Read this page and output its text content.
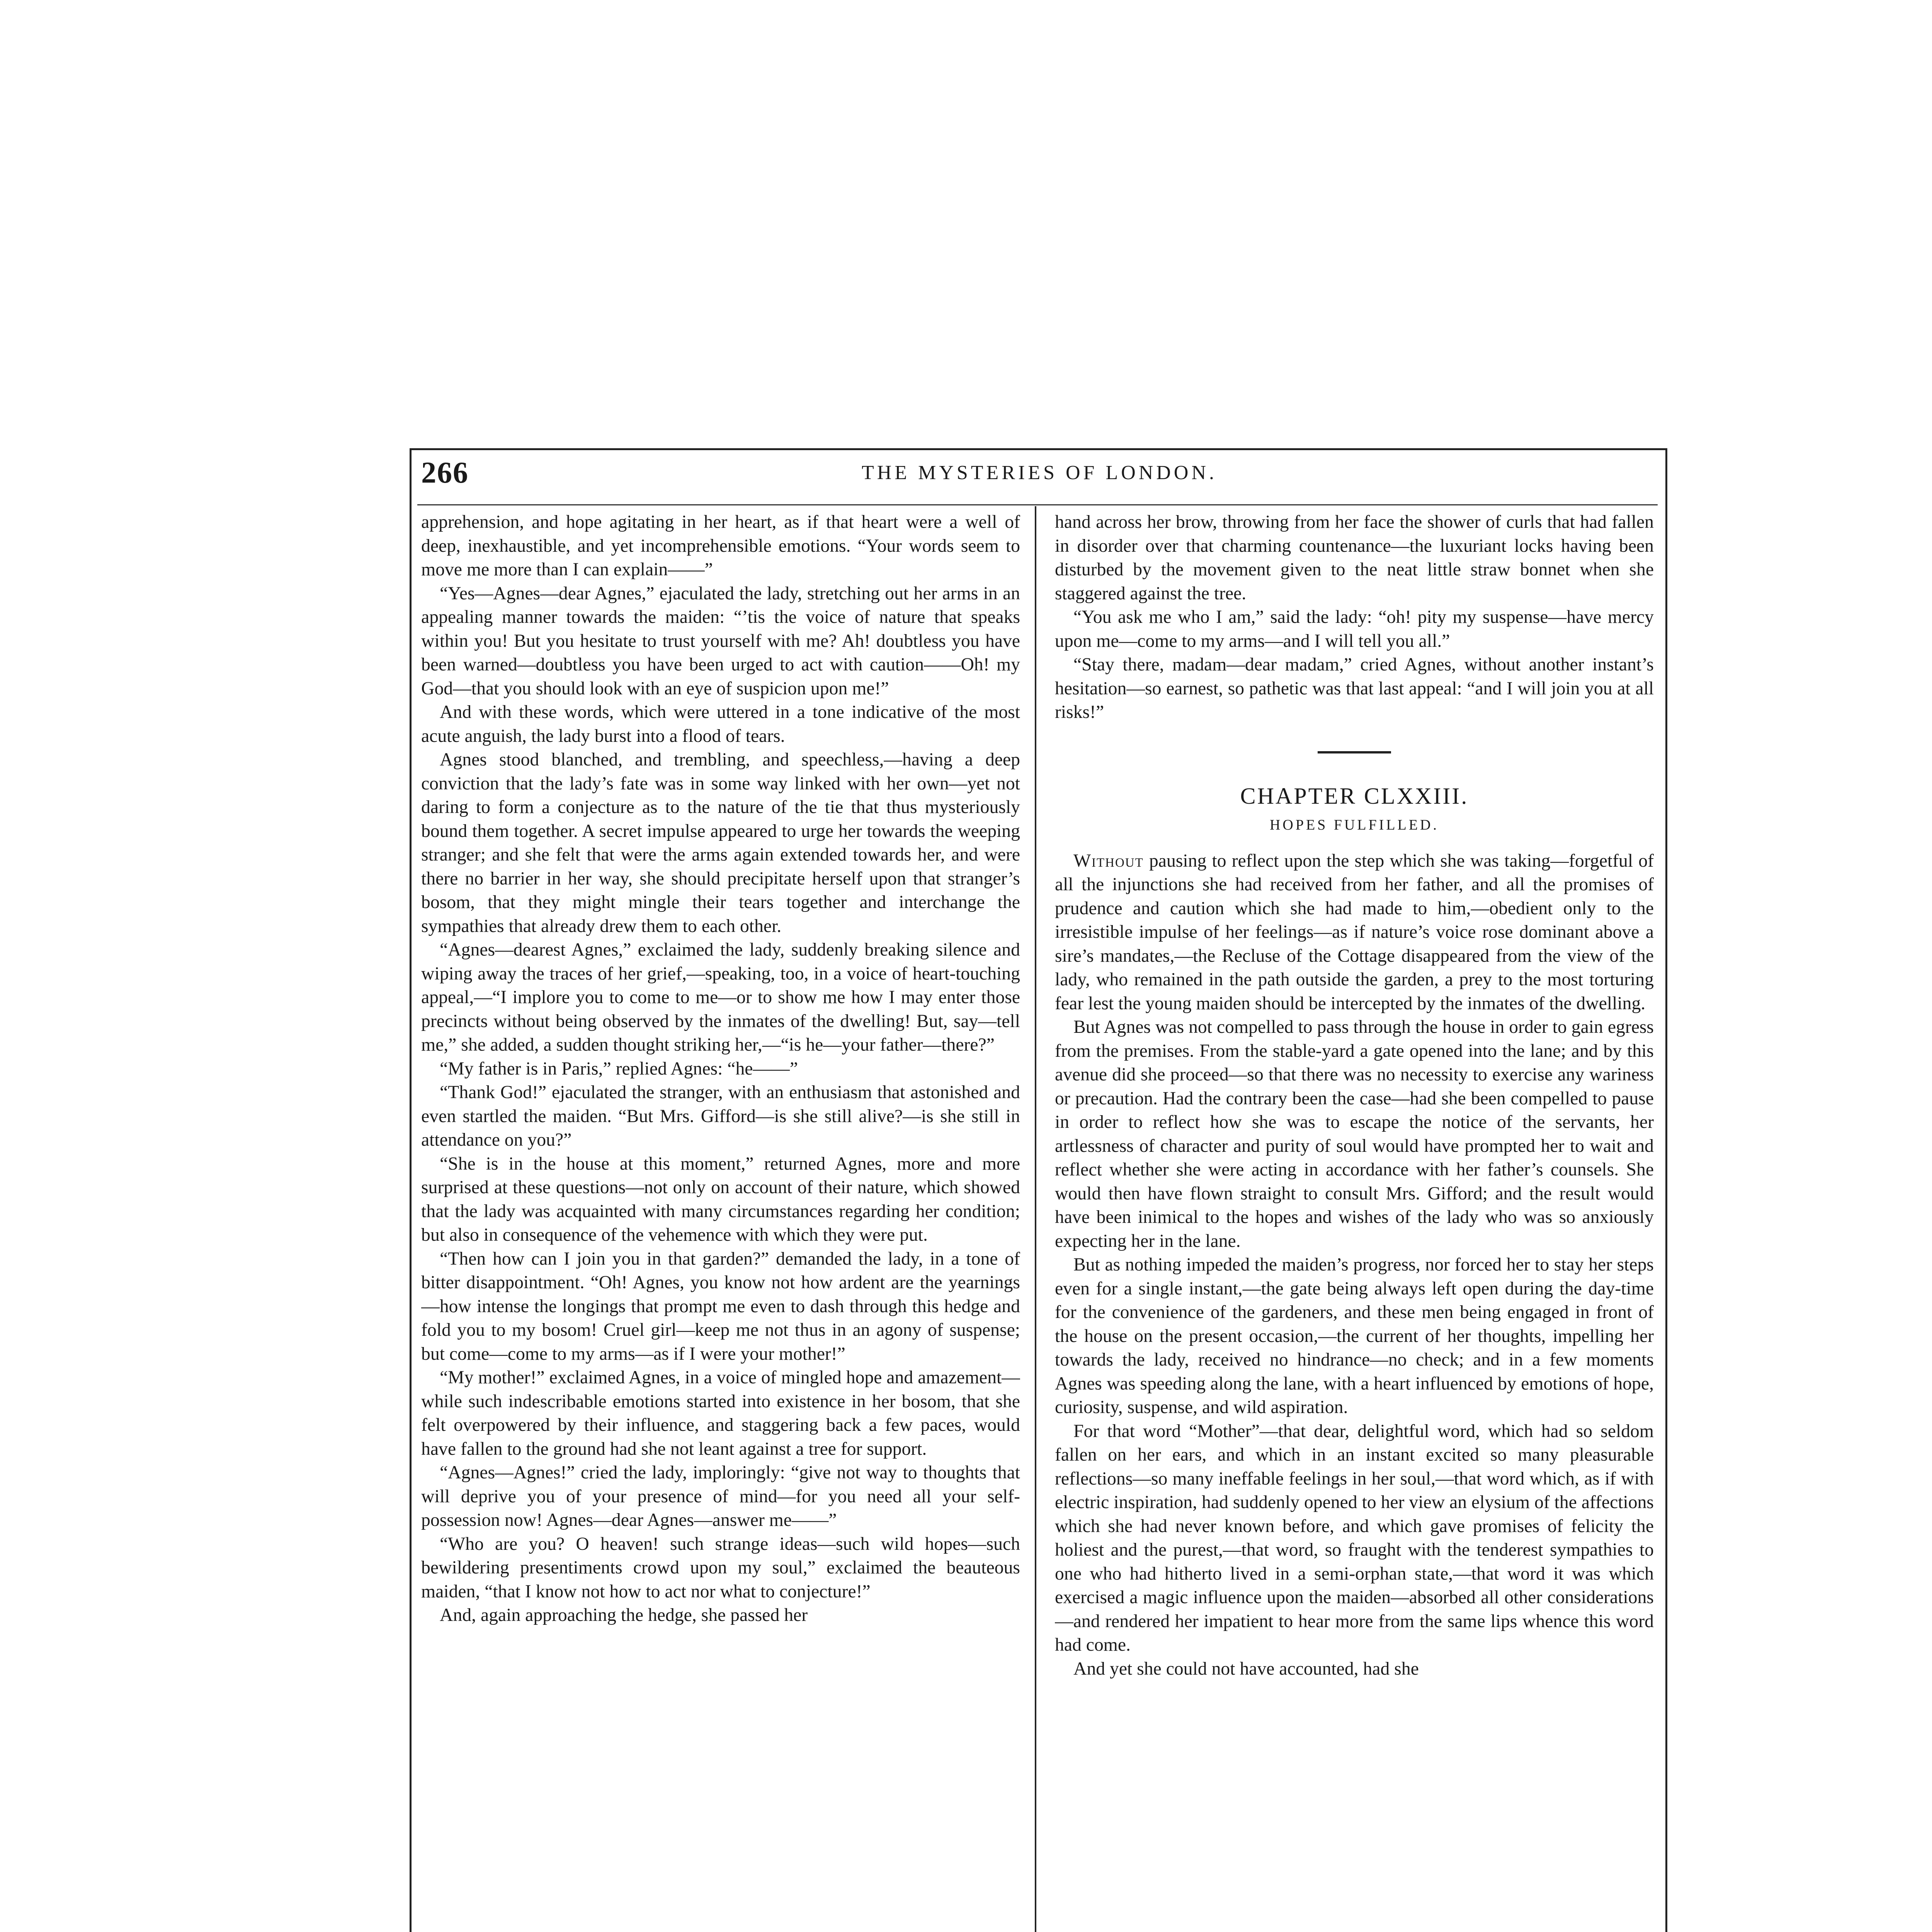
266	THE MYSTERIES OF LONDON.

apprehension, and hope agitating in her heart, as if that heart were a well of deep, inexhaustible, and yet incomprehensible emotions. “Your words seem to move me more than I can explain——”

“Yes—Agnes—dear Agnes,” ejaculated the lady, stretching out her arms in an appealing manner towards the maiden: “’tis the voice of nature that speaks within you! But you hesitate to trust yourself with me? Ah! doubtless you have been warned—doubtless you have been urged to act with caution——Oh! my God—that you should look with an eye of suspicion upon me!”

And with these words, which were uttered in a tone indicative of the most acute anguish, the lady burst into a flood of tears.

Agnes stood blanched, and trembling, and speechless,—having a deep conviction that the lady’s fate was in some way linked with her own—yet not daring to form a conjecture as to the nature of the tie that thus mysteriously bound them together. A secret impulse appeared to urge her towards the weeping stranger; and she felt that were the arms again extended towards her, and were there no barrier in her way, she should precipitate herself upon that stranger’s bosom, that they might mingle their tears together and interchange the sympathies that already drew them to each other.

“Agnes—dearest Agnes,” exclaimed the lady, suddenly breaking silence and wiping away the traces of her grief,—speaking, too, in a voice of heart-touching appeal,—“I implore you to come to me—or to show me how I may enter those precincts without being observed by the inmates of the dwelling! But, say—tell me,” she added, a sudden thought striking her,—“is he—your father—there?”

“My father is in Paris,” replied Agnes: “he——”

“Thank God!” ejaculated the stranger, with an enthusiasm that astonished and even startled the maiden. “But Mrs. Gifford—is she still alive?—is she still in attendance on you?”

“She is in the house at this moment,” returned Agnes, more and more surprised at these questions—not only on account of their nature, which showed that the lady was acquainted with many circumstances regarding her condition; but also in consequence of the vehemence with which they were put.

“Then how can I join you in that garden?” demanded the lady, in a tone of bitter disappointment. “Oh! Agnes, you know not how ardent are the yearnings—how intense the longings that prompt me even to dash through this hedge and fold you to my bosom! Cruel girl—keep me not thus in an agony of suspense; but come—come to my arms—as if I were your mother!”

“My mother!” exclaimed Agnes, in a voice of mingled hope and amazement—while such indescribable emotions started into existence in her bosom, that she felt overpowered by their influence, and staggering back a few paces, would have fallen to the ground had she not leant against a tree for support.

“Agnes—Agnes!” cried the lady, imploringly: “give not way to thoughts that will deprive you of your presence of mind—for you need all your self-possession now! Agnes—dear Agnes—answer me——”

“Who are you? O heaven! such strange ideas—such wild hopes—such bewildering presentiments crowd upon my soul,” exclaimed the beauteous maiden, “that I know not how to act nor what to conjecture!”

And, again approaching the hedge, she passed her

hand across her brow, throwing from her face the shower of curls that had fallen in disorder over that charming countenance—the luxuriant locks having been disturbed by the movement given to the neat little straw bonnet when she staggered against the tree.

“You ask me who I am,” said the lady: “oh! pity my suspense—have mercy upon me—come to my arms—and I will tell you all.”

“Stay there, madam—dear madam,” cried Agnes, without another instant’s hesitation—so earnest, so pathetic was that last appeal: “and I will join you at all risks!”

CHAPTER CLXXIII.
HOPES FULFILLED.

Without pausing to reflect upon the step which she was taking—forgetful of all the injunctions she had received from her father, and all the promises of prudence and caution which she had made to him,—obedient only to the irresistible impulse of her feelings—as if nature’s voice rose dominant above a sire’s mandates,—the Recluse of the Cottage disappeared from the view of the lady, who remained in the path outside the garden, a prey to the most torturing fear lest the young maiden should be intercepted by the inmates of the dwelling.

But Agnes was not compelled to pass through the house in order to gain egress from the premises. From the stable-yard a gate opened into the lane; and by this avenue did she proceed—so that there was no necessity to exercise any wariness or precaution. Had the contrary been the case—had she been compelled to pause in order to reflect how she was to escape the notice of the servants, her artlessness of character and purity of soul would have prompted her to wait and reflect whether she were acting in accordance with her father’s counsels. She would then have flown straight to consult Mrs. Gifford; and the result would have been inimical to the hopes and wishes of the lady who was so anxiously expecting her in the lane.

But as nothing impeded the maiden’s progress, nor forced her to stay her steps even for a single instant,—the gate being always left open during the day-time for the convenience of the gardeners, and these men being engaged in front of the house on the present occasion,—the current of her thoughts, impelling her towards the lady, received no hindrance—no check; and in a few moments Agnes was speeding along the lane, with a heart influenced by emotions of hope, curiosity, suspense, and wild aspiration.

For that word “Mother”—that dear, delightful word, which had so seldom fallen on her ears, and which in an instant excited so many pleasurable reflections—so many ineffable feelings in her soul,—that word which, as if with electric inspiration, had suddenly opened to her view an elysium of the affections which she had never known before, and which gave promises of felicity the holiest and the purest,—that word, so fraught with the tenderest sympathies to one who had hitherto lived in a semi-orphan state,—that word it was which exercised a magic influence upon the maiden—absorbed all other considerations—and rendered her impatient to hear more from the same lips whence this word had come.

And yet she could not have accounted, had she
